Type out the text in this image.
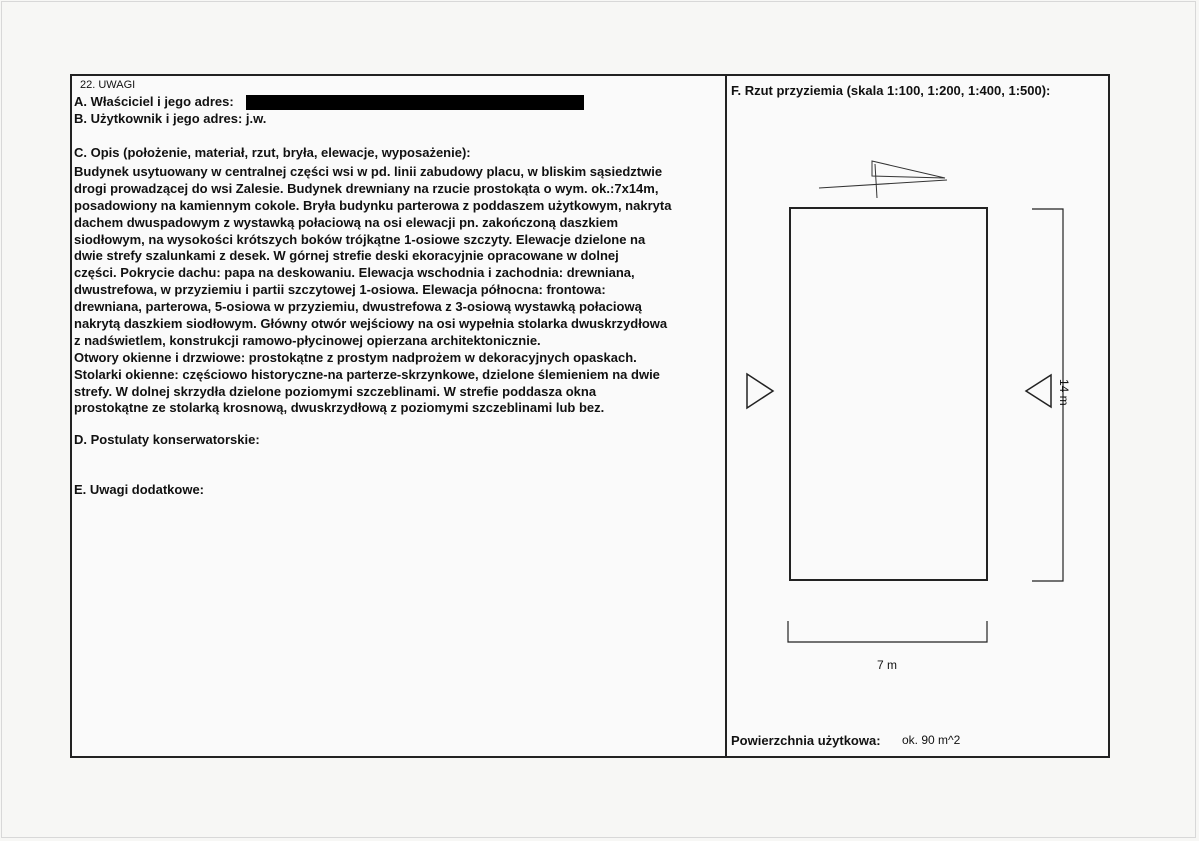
22. UWAGI
A. Właściciel i jego adres:
B. Użytkownik i jego adres: j.w.
C. Opis (położenie, materiał, rzut, bryła, elewacje, wyposażenie):
Budynek usytuowany w centralnej części wsi w pd. linii zabudowy placu, w bliskim sąsiedztwie
drogi prowadzącej do wsi Zalesie. Budynek drewniany na rzucie prostokąta o wym. ok.:7x14m,
posadowiony na kamiennym cokole. Bryła budynku parterowa z poddaszem użytkowym, nakryta
dachem dwuspadowym z wystawką połaciową na osi elewacji pn. zakończoną daszkiem
siodłowym, na wysokości krótszych boków trójkątne 1-osiowe szczyty. Elewacje dzielone na
dwie strefy szalunkami z desek. W górnej strefie deski ekoracyjnie opracowane w dolnej
części. Pokrycie dachu: papa na deskowaniu. Elewacja wschodnia i zachodnia: drewniana,
dwustrefowa, w przyziemiu i partii szczytowej 1-osiowa. Elewacja północna: frontowa:
drewniana, parterowa, 5-osiowa w przyziemiu, dwustrefowa z 3-osiową wystawką połaciową
nakrytą daszkiem siodłowym. Główny otwór wejściowy na osi wypełnia stolarka dwuskrzydłowa
z nadświetlem, konstrukcji ramowo-płycinowej opierzana architektonicznie.
Otwory okienne i drzwiowe: prostokątne z prostym nadprożem w dekoracyjnych opaskach.
Stolarki okienne: częściowo historyczne-na parterze-skrzynkowe, dzielone ślemieniem na dwie
strefy. W dolnej skrzydła dzielone poziomymi szczeblinami. W strefie poddasza okna
prostokątne ze stolarką krosnową, dwuskrzydłową z poziomymi szczeblinami lub bez.
D. Postulaty konserwatorskie:
E. Uwagi dodatkowe:
F. Rzut przyziemia (skala 1:100, 1:200, 1:400, 1:500):
14 m
7 m
Powierzchnia użytkowa: ok. 90 m^2
